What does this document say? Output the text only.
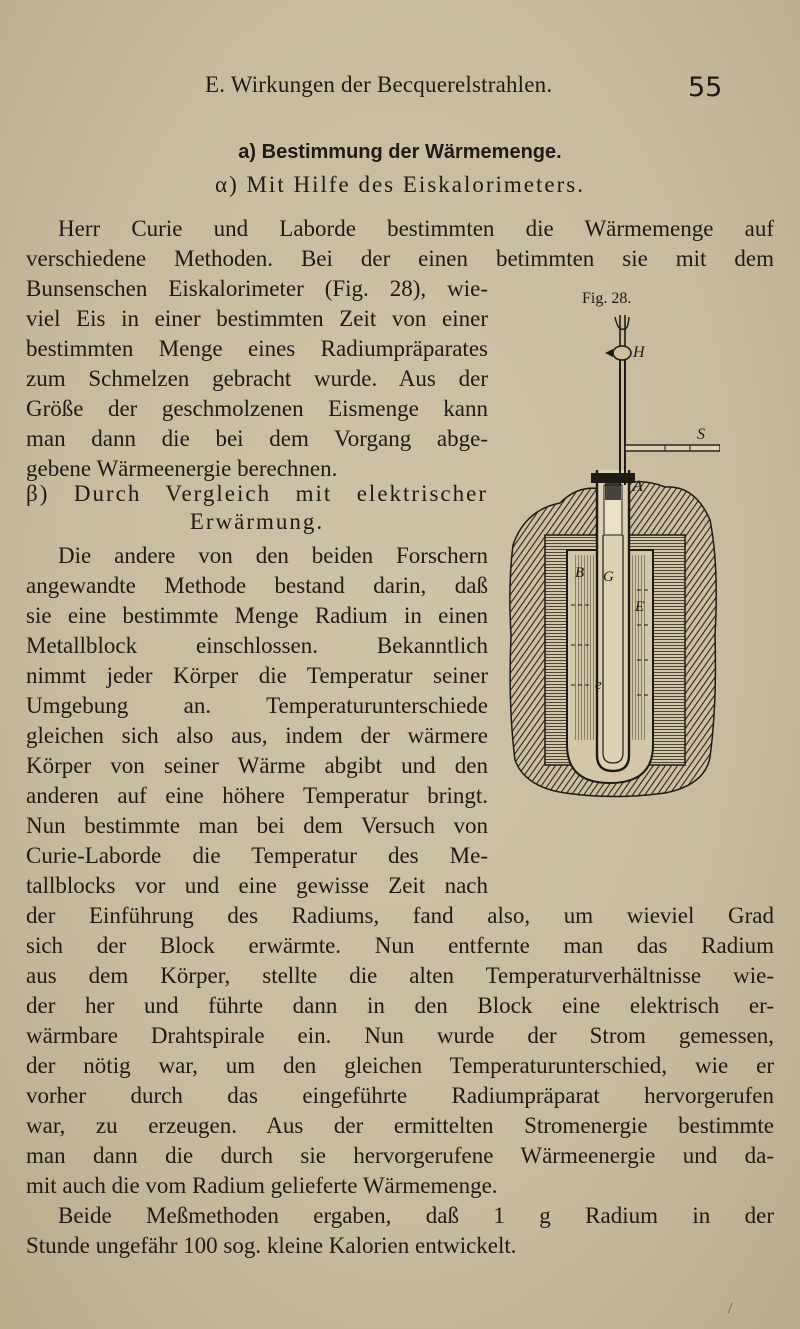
E. Wirkungen der Becquerelstrahlen.	55
a) Bestimmung der Wärmemenge.
α) Mit Hilfe des Eiskalorimeters.
Herr Curie und Laborde bestimmten die Wärmemenge auf
verschiedene Methoden. Bei der einen betimmten sie mit dem
Bunsenschen Eiskalorimeter (Fig. 28), wie-
viel Eis in einer bestimmten Zeit von einer
bestimmten Menge eines Radiumpräparates
zum Schmelzen gebracht wurde. Aus der
Größe der geschmolzenen Eismenge kann
man dann die bei dem Vorgang abge-
gebene Wärmeenergie berechnen.
β) Durch Vergleich mit elektrischer
Erwärmung.
Die andere von den beiden Forschern
angewandte Methode bestand darin, daß
sie eine bestimmte Menge Radium in einen
Metallblock einschlossen. Bekanntlich
nimmt jeder Körper die Temperatur seiner
Umgebung an. Temperaturunterschiede
gleichen sich also aus, indem der wärmere
Körper von seiner Wärme abgibt und den
anderen auf eine höhere Temperatur bringt.
Nun bestimmte man bei dem Versuch von
Curie-Laborde die Temperatur des Me-
tallblocks vor und eine gewisse Zeit nach
der Einführung des Radiums, fand also, um wieviel Grad
sich der Block erwärmte. Nun entfernte man das Radium
aus dem Körper, stellte die alten Temperaturverhältnisse wie-
der her und führte dann in den Block eine elektrisch er-
wärmbare Drahtspirale ein. Nun wurde der Strom gemessen,
der nötig war, um den gleichen Temperaturunterschied, wie er
vorher durch das eingeführte Radiumpräparat hervorgerufen
war, zu erzeugen. Aus der ermittelten Stromenergie bestimmte
man dann die durch sie hervorgerufene Wärmeenergie und da-
mit auch die vom Radium gelieferte Wärmemenge.
Beide Meßmethoden ergaben, daß 1 g Radium in der
Stunde ungefähr 100 sog. kleine Kalorien entwickelt.
Fig. 28.
H
S
A
B G
E
e
/
